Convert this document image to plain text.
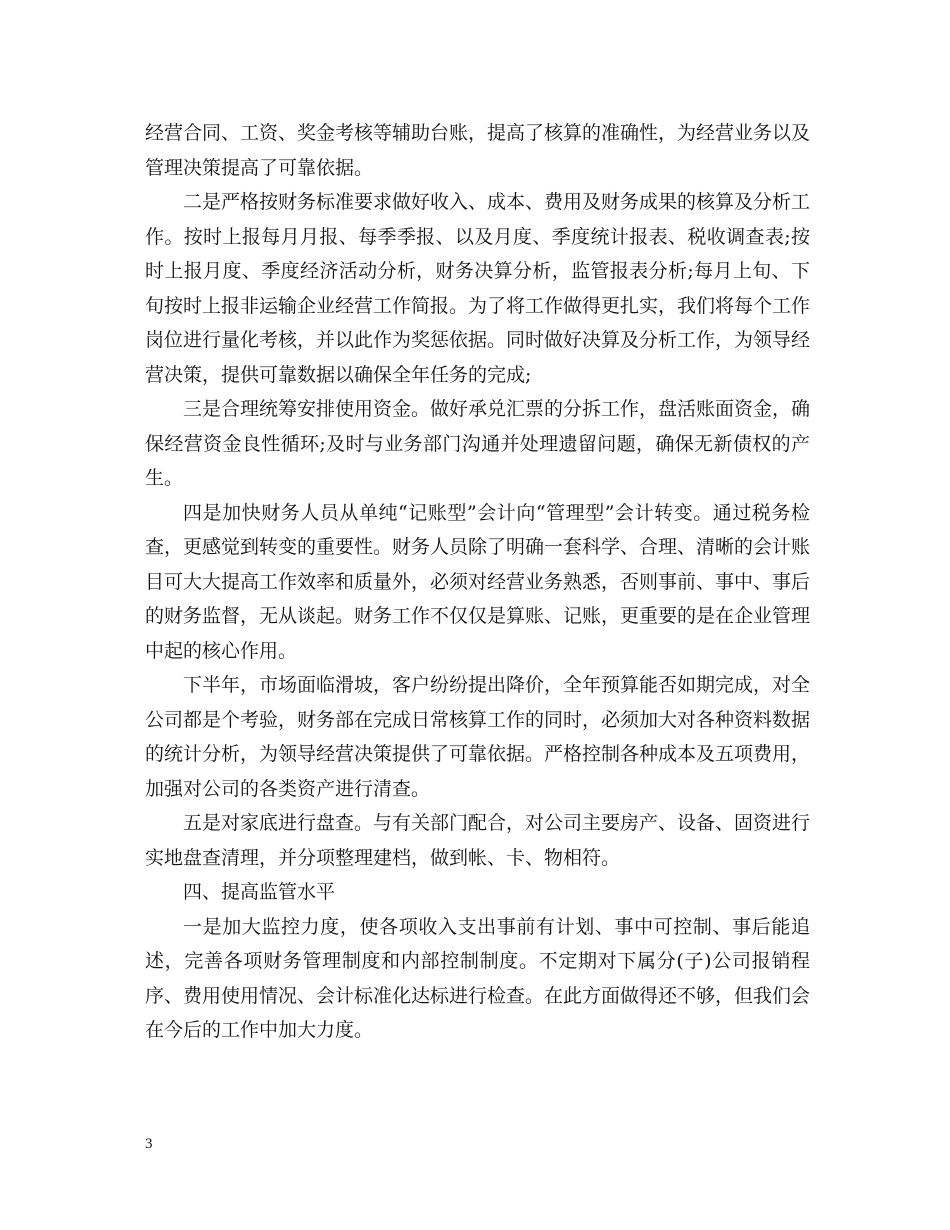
经营合同、工资、奖金考核等辅助台账，提高了核算的准确性，为经营业务以及管理决策提高了可靠依据。

二是严格按财务标准要求做好收入、成本、费用及财务成果的核算及分析工作。按时上报每月月报、每季季报、以及月度、季度统计报表、税收调查表;按时上报月度、季度经济活动分析，财务决算分析，监管报表分析;每月上旬、下旬按时上报非运输企业经营工作简报。为了将工作做得更扎实，我们将每个工作岗位进行量化考核，并以此作为奖惩依据。同时做好决算及分析工作，为领导经营决策，提供可靠数据以确保全年任务的完成;

三是合理统筹安排使用资金。做好承兑汇票的分拆工作，盘活账面资金，确保经营资金良性循环;及时与业务部门沟通并处理遗留问题，确保无新债权的产生。

四是加快财务人员从单纯“记账型”会计向“管理型”会计转变。通过税务检查，更感觉到转变的重要性。财务人员除了明确一套科学、合理、清晰的会计账目可大大提高工作效率和质量外，必须对经营业务熟悉，否则事前、事中、事后的财务监督，无从谈起。财务工作不仅仅是算账、记账，更重要的是在企业管理中起的核心作用。

下半年，市场面临滑坡，客户纷纷提出降价，全年预算能否如期完成，对全公司都是个考验，财务部在完成日常核算工作的同时，必须加大对各种资料数据的统计分析，为领导经营决策提供了可靠依据。严格控制各种成本及五项费用，加强对公司的各类资产进行清查。

五是对家底进行盘查。与有关部门配合，对公司主要房产、设备、固资进行实地盘查清理，并分项整理建档，做到帐、卡、物相符。

四、提高监管水平

一是加大监控力度，使各项收入支出事前有计划、事中可控制、事后能追述，完善各项财务管理制度和内部控制制度。不定期对下属分(子)公司报销程序、费用使用情况、会计标准化达标进行检查。在此方面做得还不够，但我们会在今后的工作中加大力度。

3
